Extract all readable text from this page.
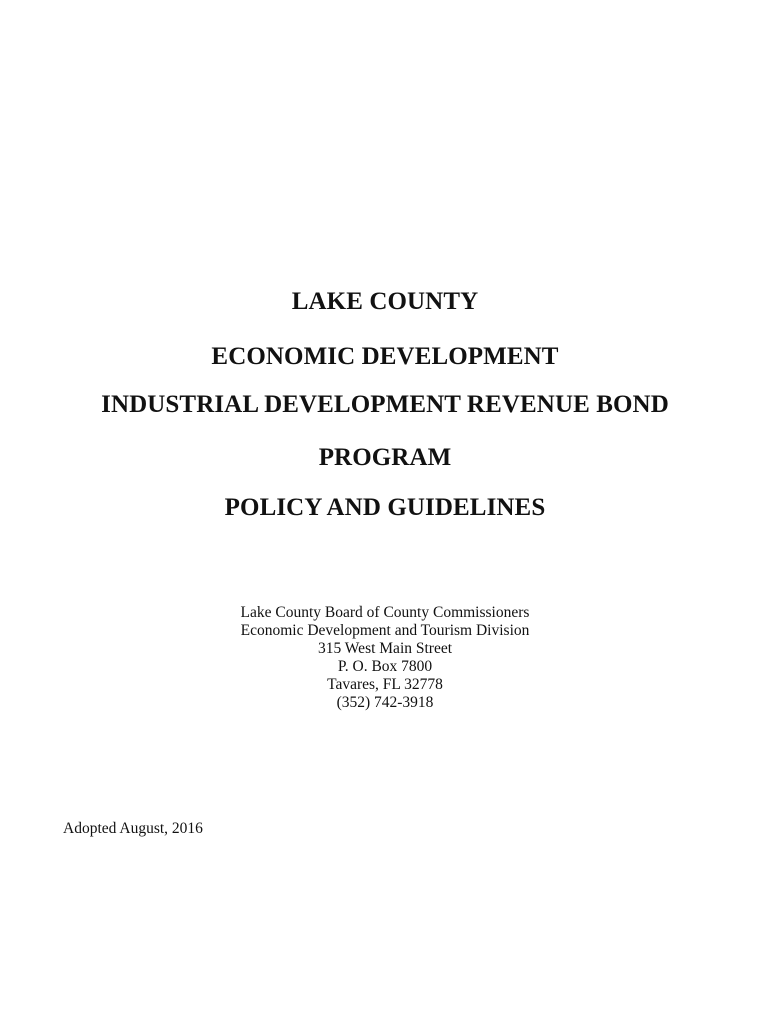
LAKE COUNTY
ECONOMIC DEVELOPMENT
INDUSTRIAL DEVELOPMENT REVENUE BOND
PROGRAM
POLICY AND GUIDELINES
Lake County Board of County Commissioners
Economic Development and Tourism Division
315 West Main Street
P. O. Box 7800
Tavares, FL 32778
(352) 742-3918
Adopted August, 2016
